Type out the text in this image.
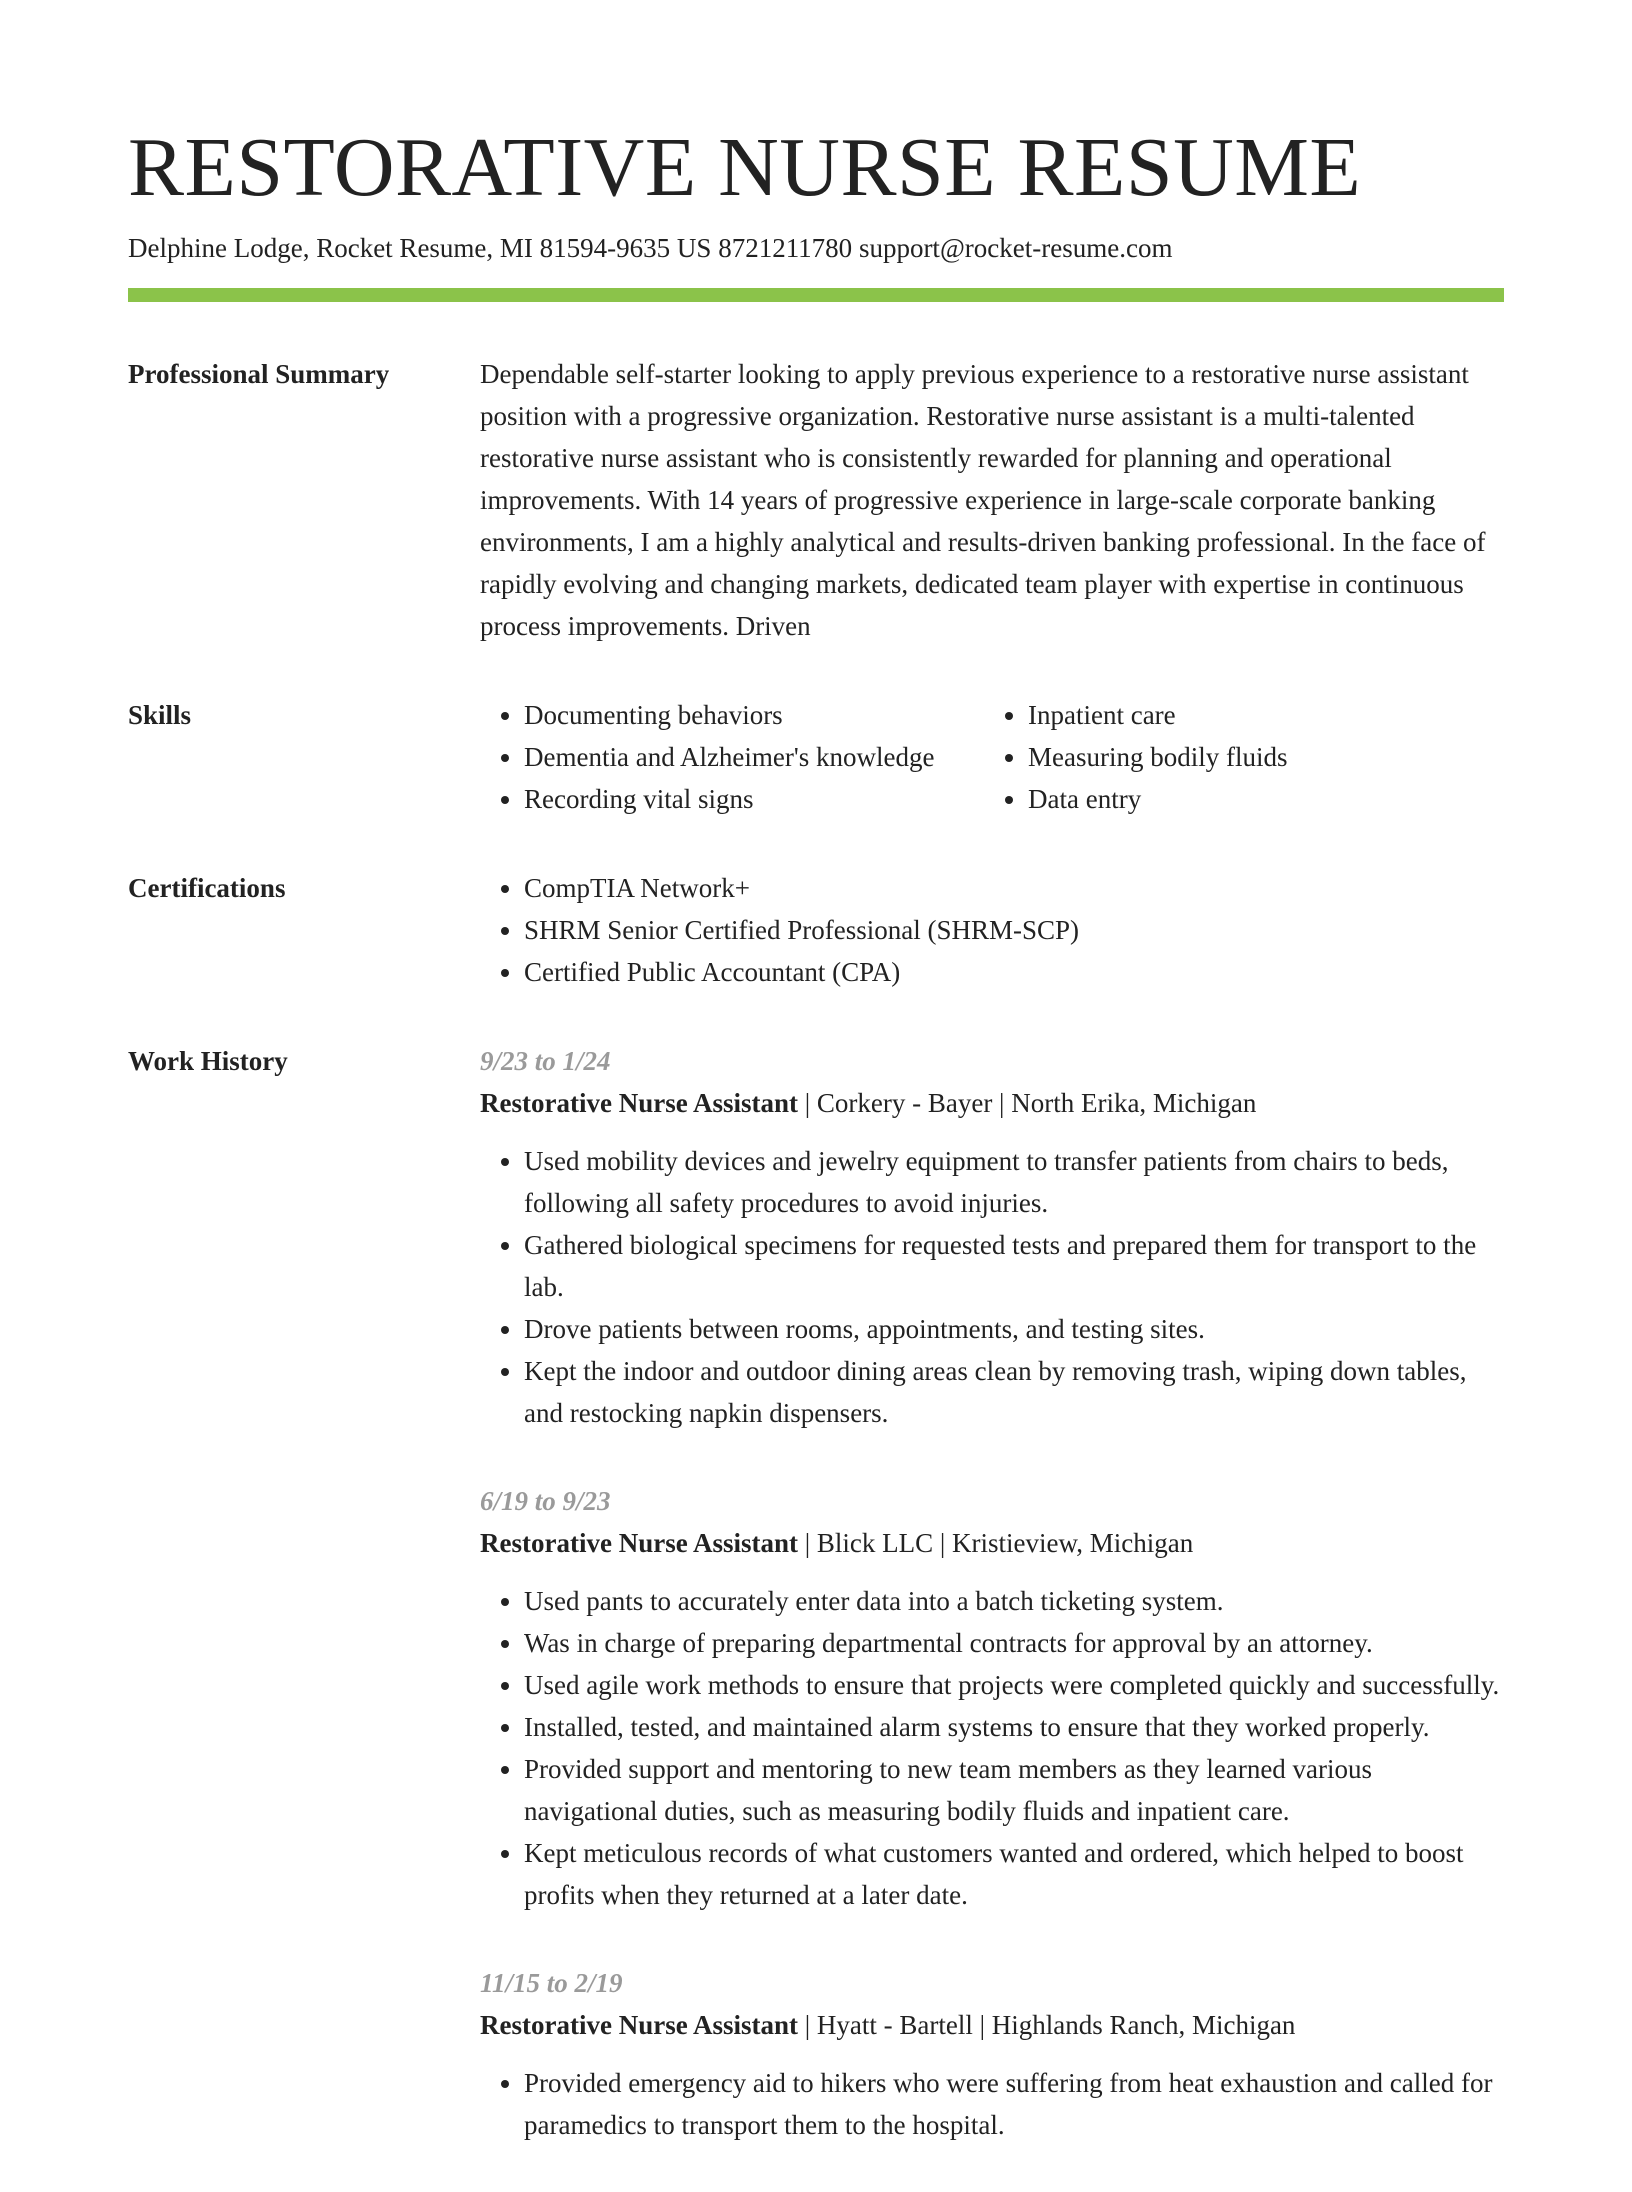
RESTORATIVE NURSE RESUME
Delphine Lodge, Rocket Resume, MI 81594-9635 US 8721211780 support@rocket-resume.com
Professional Summary	Dependable self-starter looking to apply previous experience to a restorative nurse assistant position with a progressive organization. Restorative nurse assistant is a multi-talented restorative nurse assistant who is consistently rewarded for planning and operational improvements. With 14 years of progressive experience in large-scale corporate banking environments, I am a highly analytical and results-driven banking professional. In the face of rapidly evolving and changing markets, dedicated team player with expertise in continuous process improvements. Driven

Skills	• Documenting behaviors
• Dementia and Alzheimer's knowledge
• Recording vital signs
• Inpatient care
• Measuring bodily fluids
• Data entry
Certifications	• CompTIA Network+
• SHRM Senior Certified Professional (SHRM-SCP)
• Certified Public Accountant (CPA)
Work History	9/23 to 1/24
Restorative Nurse Assistant | Corkery - Bayer | North Erika, Michigan
• Used mobility devices and jewelry equipment to transfer patients from chairs to beds, following all safety procedures to avoid injuries.
• Gathered biological specimens for requested tests and prepared them for transport to the lab.
• Drove patients between rooms, appointments, and testing sites.
• Kept the indoor and outdoor dining areas clean by removing trash, wiping down tables, and restocking napkin dispensers.
6/19 to 9/23
Restorative Nurse Assistant | Blick LLC | Kristieview, Michigan
• Used pants to accurately enter data into a batch ticketing system.
• Was in charge of preparing departmental contracts for approval by an attorney.
• Used agile work methods to ensure that projects were completed quickly and successfully.
• Installed, tested, and maintained alarm systems to ensure that they worked properly.
• Provided support and mentoring to new team members as they learned various navigational duties, such as measuring bodily fluids and inpatient care.
• Kept meticulous records of what customers wanted and ordered, which helped to boost profits when they returned at a later date.
11/15 to 2/19
Restorative Nurse Assistant | Hyatt - Bartell | Highlands Ranch, Michigan
• Provided emergency aid to hikers who were suffering from heat exhaustion and called for paramedics to transport them to the hospital.
